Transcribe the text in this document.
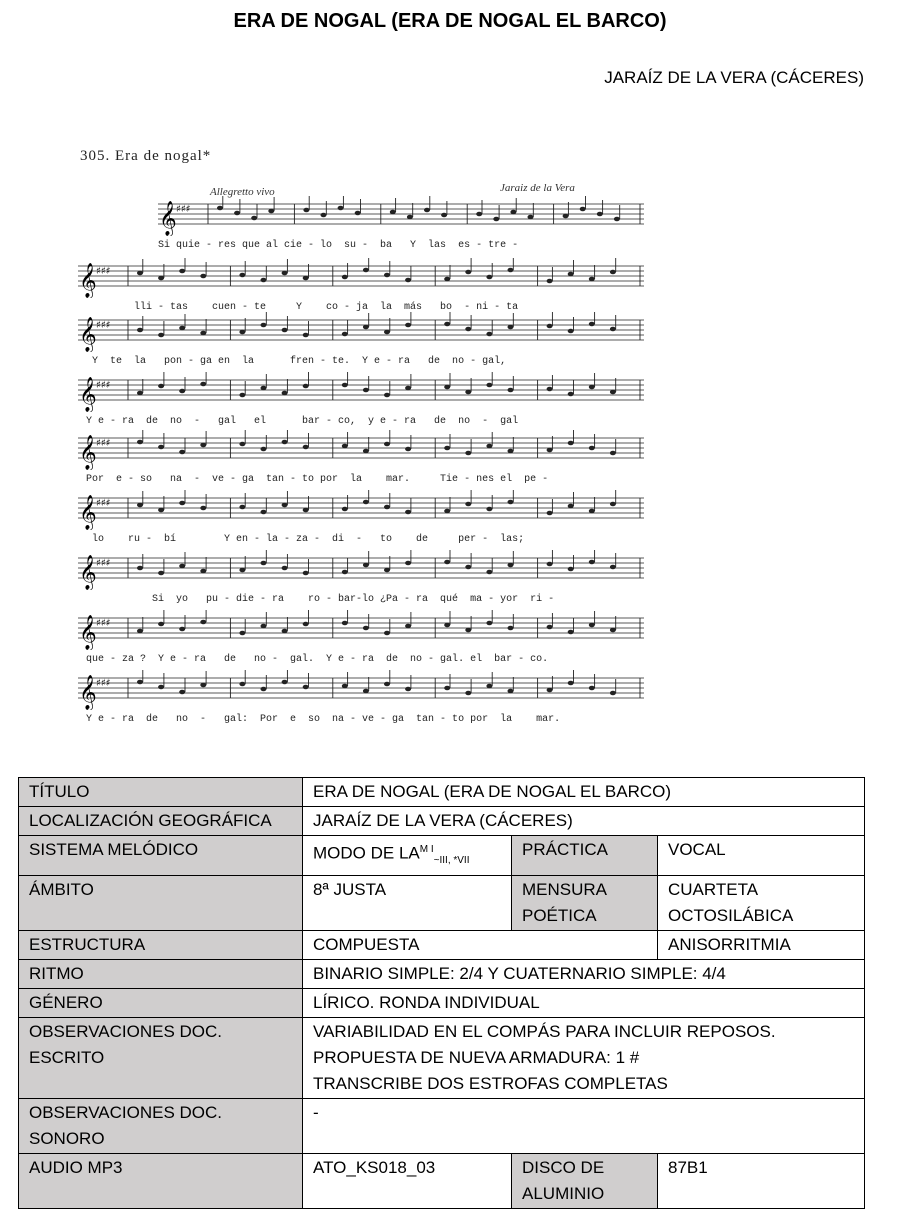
ERA DE NOGAL (ERA DE NOGAL EL BARCO)
JARAÍZ DE LA VERA (CÁCERES)
305. Era de nogal*
Allegretto vivo	Jaraiz de la Vera
𝄞 ♯♯♯
Si quie - res que al cie - lo  su -  ba   Y  las  es - tre -
𝄞 ♯♯♯
lli - tas    cuen - te     Y    co - ja  la  más   bo  - ni - ta
𝄞 ♯♯♯
Y  te  la   pon - ga en  la      fren - te.  Y e - ra   de  no - gal,
𝄞 ♯♯♯
Y e - ra  de  no  -   gal   el      bar - co,  y e - ra   de  no  -  gal
𝄞 ♯♯♯
Por  e - so   na  -  ve - ga  tan - to por  la    mar.     Tie - nes el  pe -
𝄞 ♯♯♯
lo    ru -  bí        Y en - la - za -  di  -   to    de     per -  las;
𝄞 ♯♯♯
Si  yo   pu - die - ra    ro - bar-lo ¿Pa - ra  qué  ma - yor  ri -
𝄞 ♯♯♯
que - za ?  Y e - ra   de   no -  gal.  Y e - ra  de  no - gal. el  bar - co.
𝄞 ♯♯♯
Y e - ra  de   no  -   gal:  Por  e  so  na - ve - ga  tan - to por  la    mar.
TÍTULO	ERA DE NOGAL (ERA DE NOGAL EL BARCO)		
LOCALIZACIÓN GEOGRÁFICA	JARAÍZ DE LA VERA (CÁCERES)		
SISTEMA MELÓDICO	MODO DE $LA^{M I}_{\sim III, *VII}$	PRÁCTICA	VOCAL
ÁMBITO	8ª JUSTA	MENSURA POÉTICA	CUARTETA OCTOSILÁBICA
ESTRUCTURA	COMPUESTA		ANISORRITMIA
RITMO	BINARIO SIMPLE: 2/4 Y CUATERNARIO SIMPLE: 4/4		
GÉNERO	LÍRICO. RONDA INDIVIDUAL		
OBSERVACIONES DOC. ESCRITO	VARIABILIDAD EN EL COMPÁS PARA INCLUIR REPOSOS.
PROPUESTA DE NUEVA ARMADURA: 1 #
TRANSCRIBE DOS ESTROFAS COMPLETAS		

OBSERVACIONES DOC. SONORO	-		
AUDIO MP3	ATO_KS018_03	DISCO DE ALUMINIO	87B1
